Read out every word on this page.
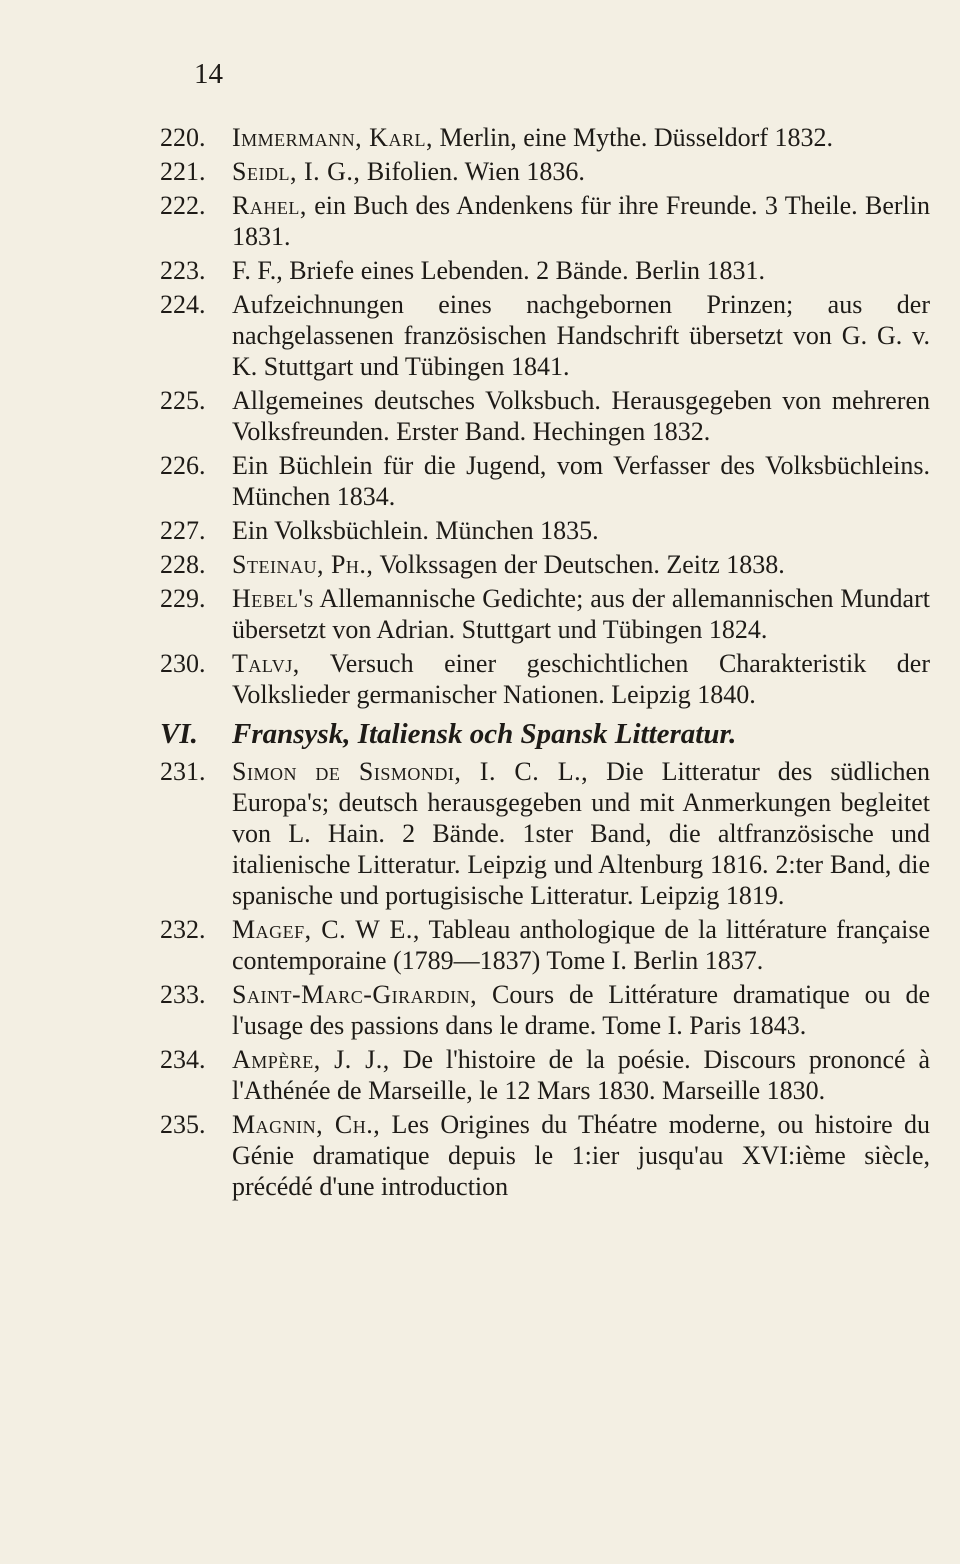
14
220.	Immermann, Karl, Merlin, eine Mythe. Düsseldorf 1832.
221.	Seidl, I. G., Bifolien. Wien 1836.
222.	Rahel, ein Buch des Andenkens für ihre Freunde. 3 Theile. Berlin 1831.
223.	F. F., Briefe eines Lebenden. 2 Bände. Berlin 1831.
224.	Aufzeichnungen eines nachgebornen Prinzen; aus der nachgelassenen französischen Handschrift übersetzt von G. G. v. K. Stuttgart und Tübingen 1841.
225.	Allgemeines deutsches Volksbuch. Herausgegeben von mehreren Volksfreunden. Erster Band. Hechingen 1832.
226.	Ein Büchlein für die Jugend, vom Verfasser des Volksbüchleins. München 1834.
227.	Ein Volksbüchlein. München 1835.
228.	Steinau, Ph., Volkssagen der Deutschen. Zeitz 1838.
229.	Hebel's Allemannische Gedichte; aus der allemannischen Mundart übersetzt von Adrian. Stuttgart und Tübingen 1824.
230.	Talvj, Versuch einer geschichtlichen Charakteristik der Volkslieder germanischer Nationen. Leipzig 1840.
VI. Fransysk, Italiensk och Spansk Litteratur.
231.	Simon de Sismondi, I. C. L., Die Litteratur des südlichen Europa's; deutsch herausgegeben und mit Anmerkungen begleitet von L. Hain. 2 Bände. 1ster Band, die altfranzösische und italienische Litteratur. Leipzig und Altenburg 1816. 2:ter Band, die spanische und portugisische Litteratur. Leipzig 1819.
232.	Magef, C. W E., Tableau anthologique de la littérature française contemporaine (1789—1837) Tome I. Berlin 1837.
233.	Saint-Marc-Girardin, Cours de Littérature dramatique ou de l'usage des passions dans le drame. Tome I. Paris 1843.
234.	Ampère, J. J., De l'histoire de la poésie. Discours prononcé à l'Athénée de Marseille, le 12 Mars 1830. Marseille 1830.
235.	Magnin, Ch., Les Origines du Théatre moderne, ou histoire du Génie dramatique depuis le 1:ier jusqu'au XVI:ième siècle, précédé d'une introduction
